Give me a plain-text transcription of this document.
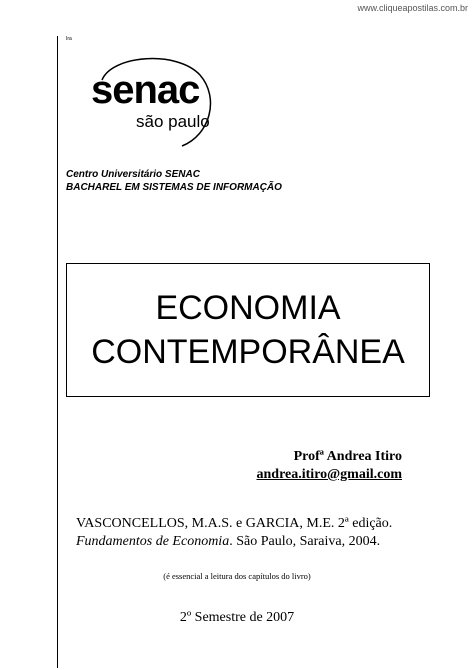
www.cliqueapostilas.com.br
Ira
senac
são paulo
Centro Universitário SENAC
BACHAREL EM SISTEMAS DE INFORMAÇÃO
ECONOMIA
CONTEMPORÂNEA
Profª Andrea Itiro
andrea.itiro@gmail.com
VASCONCELLOS, M.A.S. e GARCIA, M.E. 2ª edição.
Fundamentos de Economia. São Paulo, Saraiva, 2004.
(é essencial a leitura dos capítulos do livro)
2º Semestre de 2007
